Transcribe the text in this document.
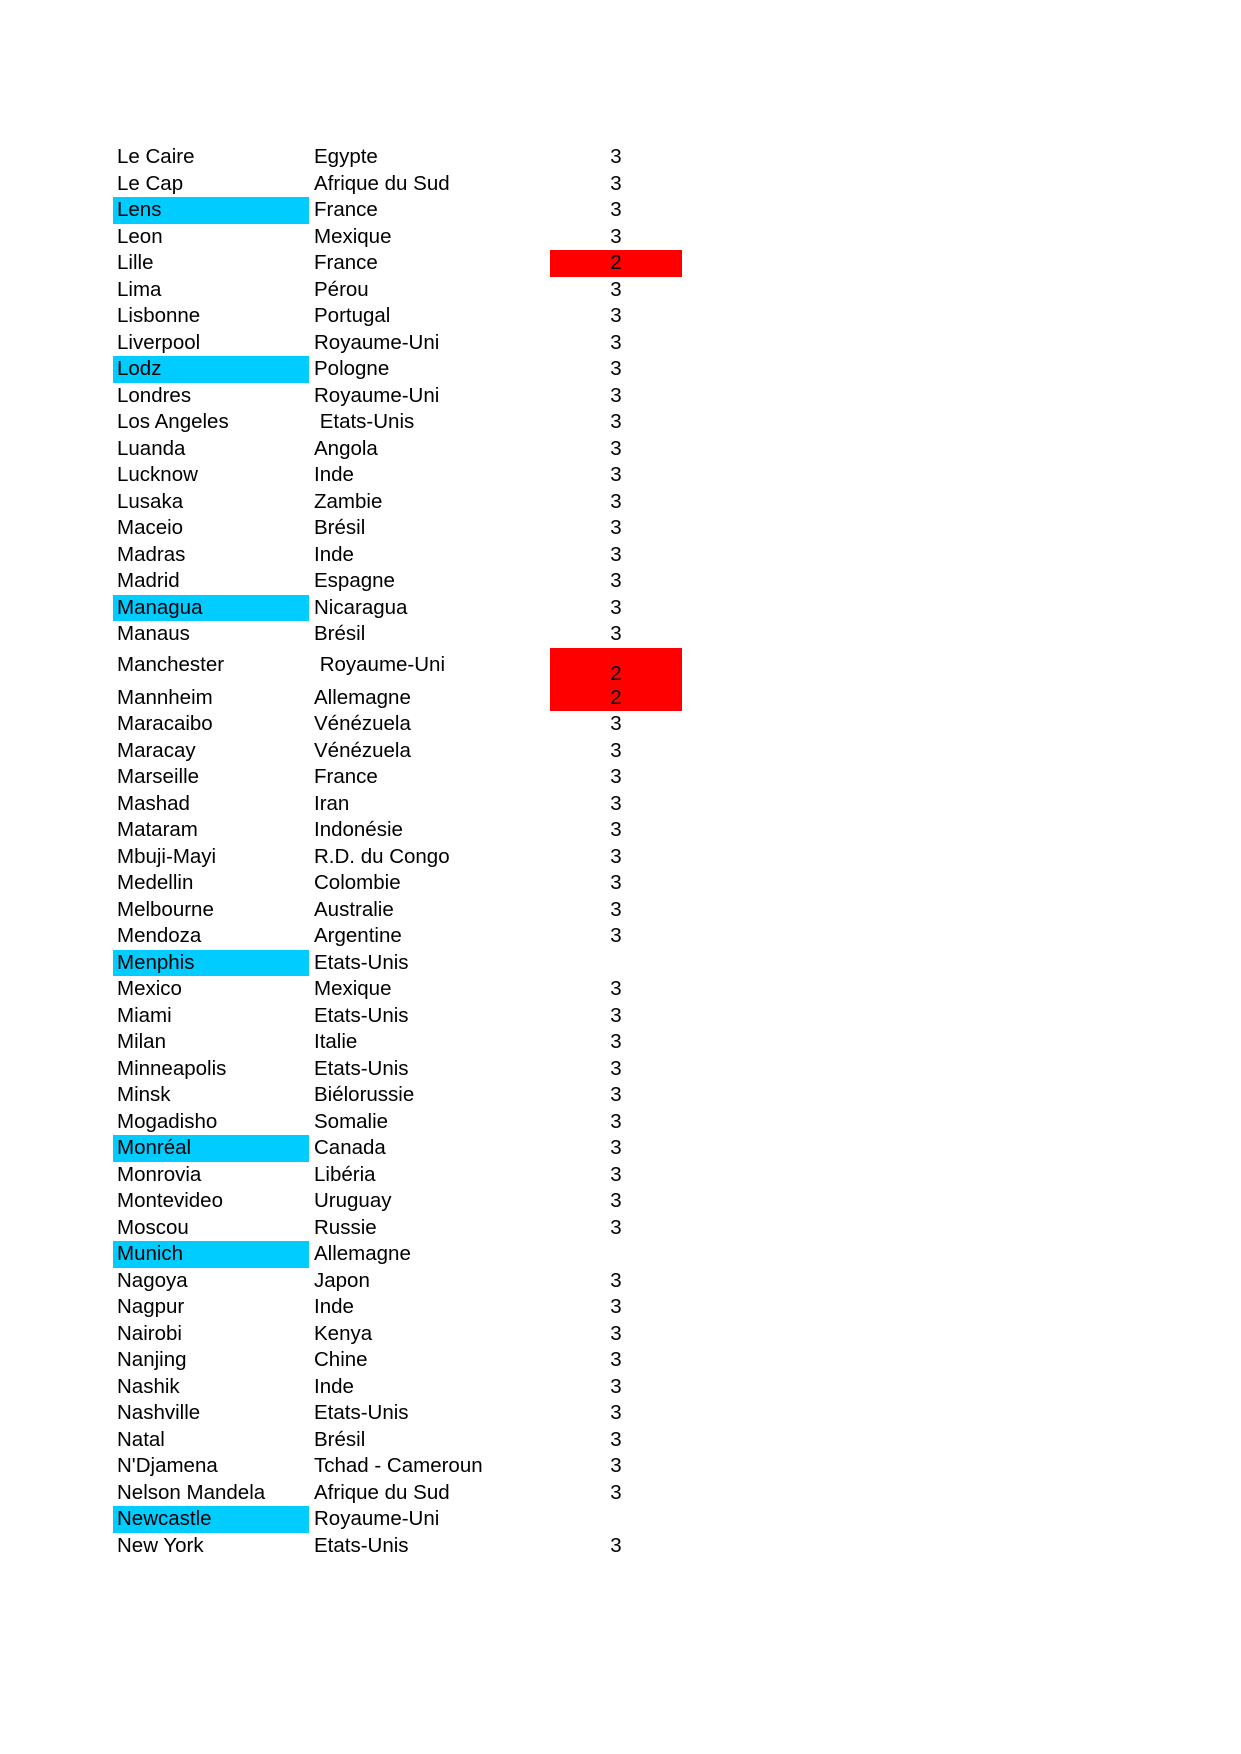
Le Caire	Egypte	3
Le Cap	Afrique du Sud	3
Lens	France	3
Leon	Mexique	3
Lille	France	2
Lima	Pérou	3
Lisbonne	Portugal	3
Liverpool	Royaume-Uni	3
Lodz	Pologne	3
Londres	Royaume-Uni	3
Los Angeles	Etats-Unis	3
Luanda	Angola	3
Lucknow	Inde	3
Lusaka	Zambie	3
Maceio	Brésil	3
Madras	Inde	3
Madrid	Espagne	3
Managua	Nicaragua	3
Manaus	Brésil	3
Manchester	Royaume-Uni	2
Mannheim	Allemagne	2
Maracaibo	Vénézuela	3
Maracay	Vénézuela	3
Marseille	France	3
Mashad	Iran	3
Mataram	Indonésie	3
Mbuji-Mayi	R.D. du Congo	3
Medellin	Colombie	3
Melbourne	Australie	3
Mendoza	Argentine	3
Menphis	Etats-Unis
Mexico	Mexique	3
Miami	Etats-Unis	3
Milan	Italie	3
Minneapolis	Etats-Unis	3
Minsk	Biélorussie	3
Mogadisho	Somalie	3
Monréal	Canada	3
Monrovia	Libéria	3
Montevideo	Uruguay	3
Moscou	Russie	3
Munich	Allemagne
Nagoya	Japon	3
Nagpur	Inde	3
Nairobi	Kenya	3
Nanjing	Chine	3
Nashik	Inde	3
Nashville	Etats-Unis	3
Natal	Brésil	3
N'Djamena	Tchad - Cameroun	3
Nelson Mandela	Afrique du Sud	3
Newcastle	Royaume-Uni
New York	Etats-Unis	3
